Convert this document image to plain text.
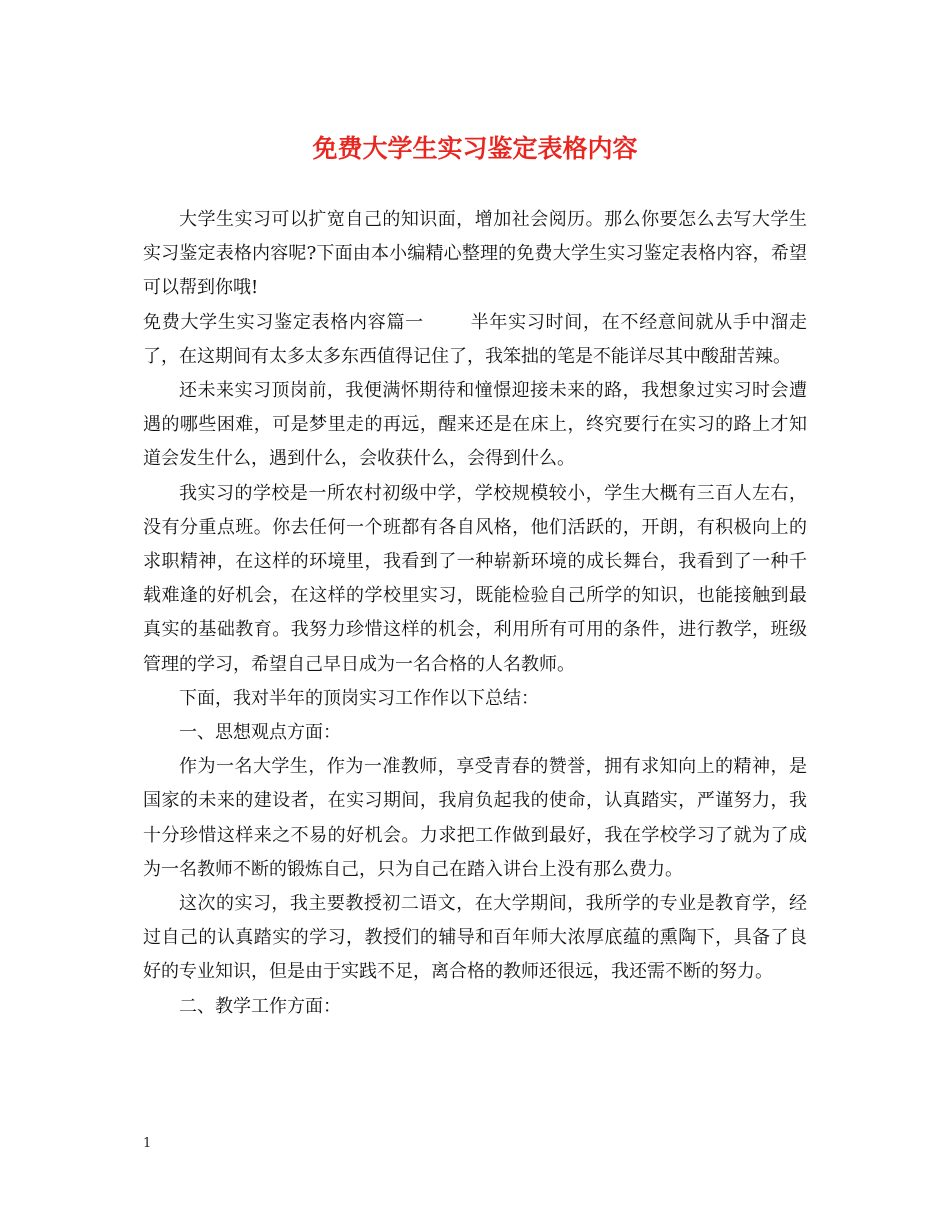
免费大学生实习鉴定表格内容

大学生实习可以扩宽自己的知识面，增加社会阅历。那么你要怎么去写大学生实习鉴定表格内容呢?下面由本小编精心整理的免费大学生实习鉴定表格内容，希望可以帮到你哦!

免费大学生实习鉴定表格内容篇一	半年实习时间，在不经意间就从手中溜走了，在这期间有太多太多东西值得记住了，我笨拙的笔是不能详尽其中酸甜苦辣。

还未来实习顶岗前，我便满怀期待和憧憬迎接未来的路，我想象过实习时会遭遇的哪些困难，可是梦里走的再远，醒来还是在床上，终究要行在实习的路上才知道会发生什么，遇到什么，会收获什么，会得到什么。

我实习的学校是一所农村初级中学，学校规模较小，学生大概有三百人左右，没有分重点班。你去任何一个班都有各自风格，他们活跃的，开朗，有积极向上的求职精神，在这样的环境里，我看到了一种崭新环境的成长舞台，我看到了一种千载难逢的好机会，在这样的学校里实习，既能检验自己所学的知识，也能接触到最真实的基础教育。我努力珍惜这样的机会，利用所有可用的条件，进行教学，班级管理的学习，希望自己早日成为一名合格的人名教师。

下面，我对半年的顶岗实习工作作以下总结：

一、思想观点方面：

作为一名大学生，作为一准教师，享受青春的赞誉，拥有求知向上的精神，是国家的未来的建设者，在实习期间，我肩负起我的使命，认真踏实，严谨努力，我十分珍惜这样来之不易的好机会。力求把工作做到最好，我在学校学习了就为了成为一名教师不断的锻炼自己，只为自己在踏入讲台上没有那么费力。

这次的实习，我主要教授初二语文，在大学期间，我所学的专业是教育学，经过自己的认真踏实的学习，教授们的辅导和百年师大浓厚底蕴的熏陶下，具备了良好的专业知识，但是由于实践不足，离合格的教师还很远，我还需不断的努力。

二、教学工作方面：

1
